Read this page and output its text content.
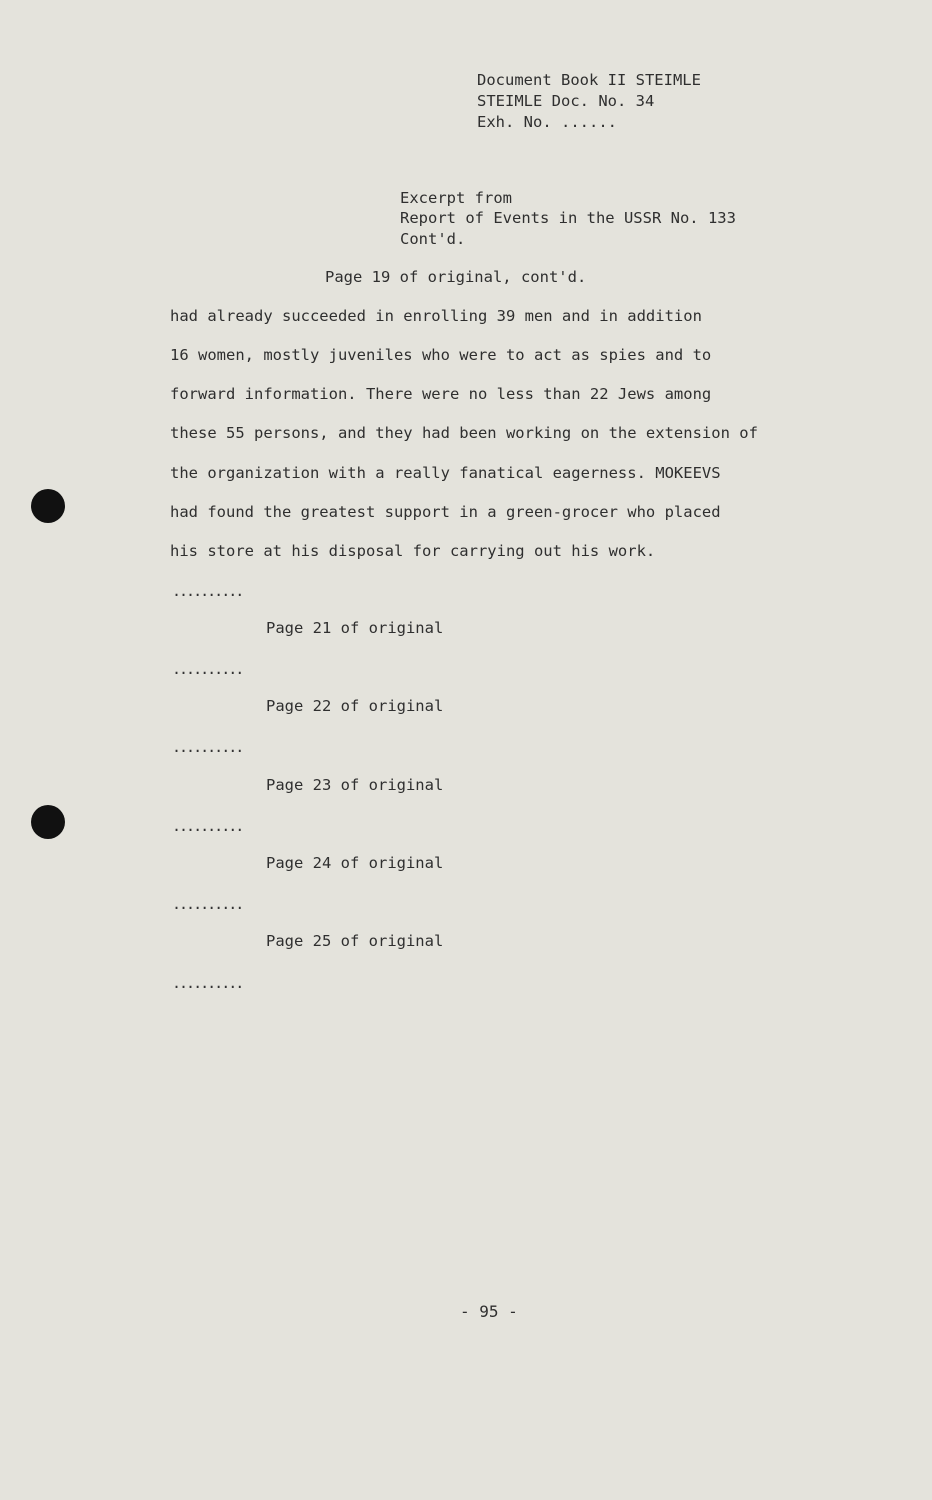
Document Book II STEIMLE
STEIMLE Doc. No. 34
Exh. No. ......
Excerpt from
Report of Events in the USSR No. 133
Cont'd.
Page 19 of original, cont'd.
had already succeeded in enrolling 39 men and in addition
16 women, mostly juveniles who were to act as spies and to
forward information. There were no less than 22 Jews among
these 55 persons, and they had been working on the extension of
the organization with a really fanatical eagerness. MOKEEVS
had found the greatest support in a green-grocer who placed
his store at his disposal for carrying out his work.
..........
Page 21 of original
..........
Page 22 of original
..........
Page 23 of original
..........
Page 24 of original
..........
Page 25 of original
..........
- 95 -
